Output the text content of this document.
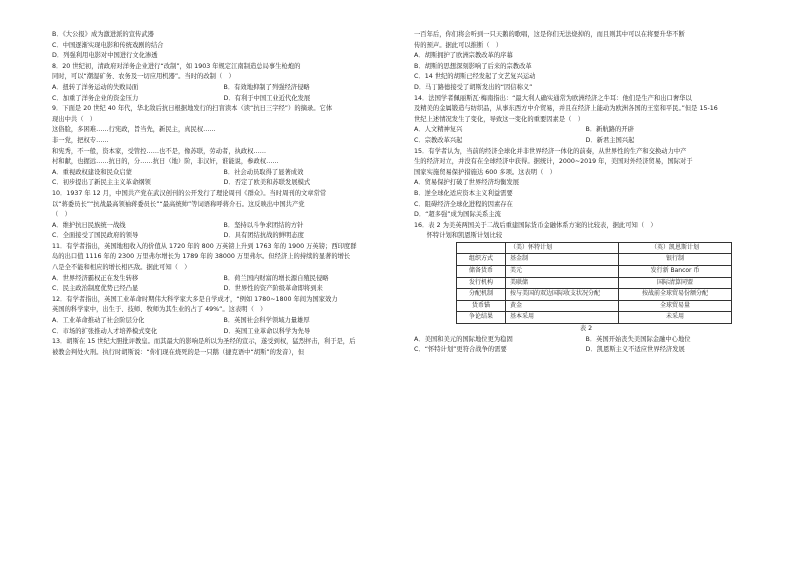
B．《大公报》成为激进派的宣传武器
C．中国逐渐实现电影和传统戏剧的结合
D．列强利用电影对中国进行文化渗透
8．20 世纪初，清政府对洋务企业进行“改制”，如 1903 年规定江南制造总局事生枪炮的
同时，可以“潮湿矿务、农务及一切应用机器”。当时的改制（　）
A．扭转了洋务运动的失败局面	B．有效地抑制了列强经济侵略
C．加重了洋务企业的资金压力	D．有利于中国工业近代化发展
9．下面是 20 世纪 40 年代，华北敌后抗日根据地发行的扫盲读本（读“抗日三字经”）的摘录。它体
现出中共（　）
这俗脸，多困难……行宪政，旨当先，新民主，真民权……
非一党，把权专……
和宪秀，不一般，资本家，受管控……也不是，像苏联，劳动者，执政权……
村和献，也握远……抗日的，分……抗日（地）阶，非汉奸，谁能说，参政权……
A．重视政权建设和民众启蒙	B．社会动员取得了显著成效
C．初步提出了新民主主义革命纲领	D．否定了欧美和苏联发展模式
10．1937 年 12 月，中国共产党在武汉创刊的公开发行了理论周刊《群众》。当时周刊的文章常常
以“蒋委员长”“抗战最高领袖蒋委员长”“最高统帅”等词语称呼蒋介石。这反映出中国共产党
（　）
A．维护抗日民族统一战线	B．坚持以斗争求团结的方针
C．全面接受了国民政府的领导	D．具有团结抗战的鲜明态度
11．有学者指出，英国地租收入的价值从 1720 年的 800 万英镑上升到 1763 年的 1900 万英镑；西印度群
岛的出口值 1116 年的 2300 万里弗尔增长为 1789 年的 38000 万里弗尔。但经济上的持续的显著的增长
八是全不能和相应的增长相匹敌。据此可知（　）
A．世界经济霸权正在发生转移	B．荷兰国内财富的增长源自殖民侵略
C．民主政治制度优势已经凸显	D．世界性的资产阶级革命即将到来
12．有学者指出，英国工业革命时期伟大科学家大多是自学成才，“例如 1780~1800 年间为国家效力
英国的科学家中，出生于、技师、牧师为其生业的占了 49%”。这表明（　）
A．工业革命推动了社会阶层分化	B．英国社会科学领域力量雄厚
C．市场的扩张推动人才培养模式变化	D．英国工业革命以科学为先导
13．胡斯在 15 世纪大胆批评教皇。而其最大的影响是所以为圣经的宣示，遂受到权，猛烈抨击，利于是，后
被教会判处火刑。执行时胡斯说：“你们现在烧死的是一只鹅（捷克语中“胡斯”的发音），但
一百年后，你们将会听到一只天鹅的歌唱，这是你们无法烧掉的，而且则其中可以在将要升华不断
传的预声。据此可以推断（　）
A．胡斯拥护了欧洲宗教改革的序幕
B．胡斯的思想深刻影响了后来的宗教改革
C．14 世纪的胡斯已经发起了文艺复兴运动
D．马丁路德接受了胡斯发出的“因信称义”
14．法国学者佩丽斯瓦·梅南指出：“最大利人确实通常为欧洲经济之牛耳：他们是生产和出口奢华以
及精美的金属锻造与纺织品，从事东西方中介贸易，并且在经济上能动为欧洲各国的王室和平民。”但是 15-16
世纪上述情况发生了变化，导致这一变化的重要因素是（　）
A．人文精神复兴	B．新航路的开辟
C．宗教改革兴起	D．新君主国兴起
15．有学者认为，当前的经济全球化并非世界经济一体化的前奏，从世界性的生产和交换动力中产
生的经济对立，并没有在全球经济中获得。据统计，2000~2019 年，美国对外经济贸易，国际对于
国家实施贸易保护措施达 600 多项。这表明（　）
A．贸易保护打破了世界经济均衡发展
B．逆全球化适应资本主义利益需要
C．阻碍经济全球化进程的因素存在
D．“超多强”成为国际关系主流
16．表 2 为美英两国关于二战后重建国际货币金融体系方案的比较表，据此可知（　）
　　怀特计划和凯恩斯计划比较
	（美）怀特计划	（英）凯恩斯计划
组织方式	基金制	银行制
储备货币	美元	发行新 Bancor 币
发行机构	美联储	国际清算同盟
分配机制	按与美国的双边国际收支状况分配	按战前全球贸易份额分配
货币锚	黄金	全球贸易量
争论结果	基本采用	未采用
表 2
A．美国和美元的国际地位更为稳固	B．英国开始丧失美国际金融中心地位
C．“怀特计划”更符合战争的需要	D．凯恩斯主义不适应世界经济发展
